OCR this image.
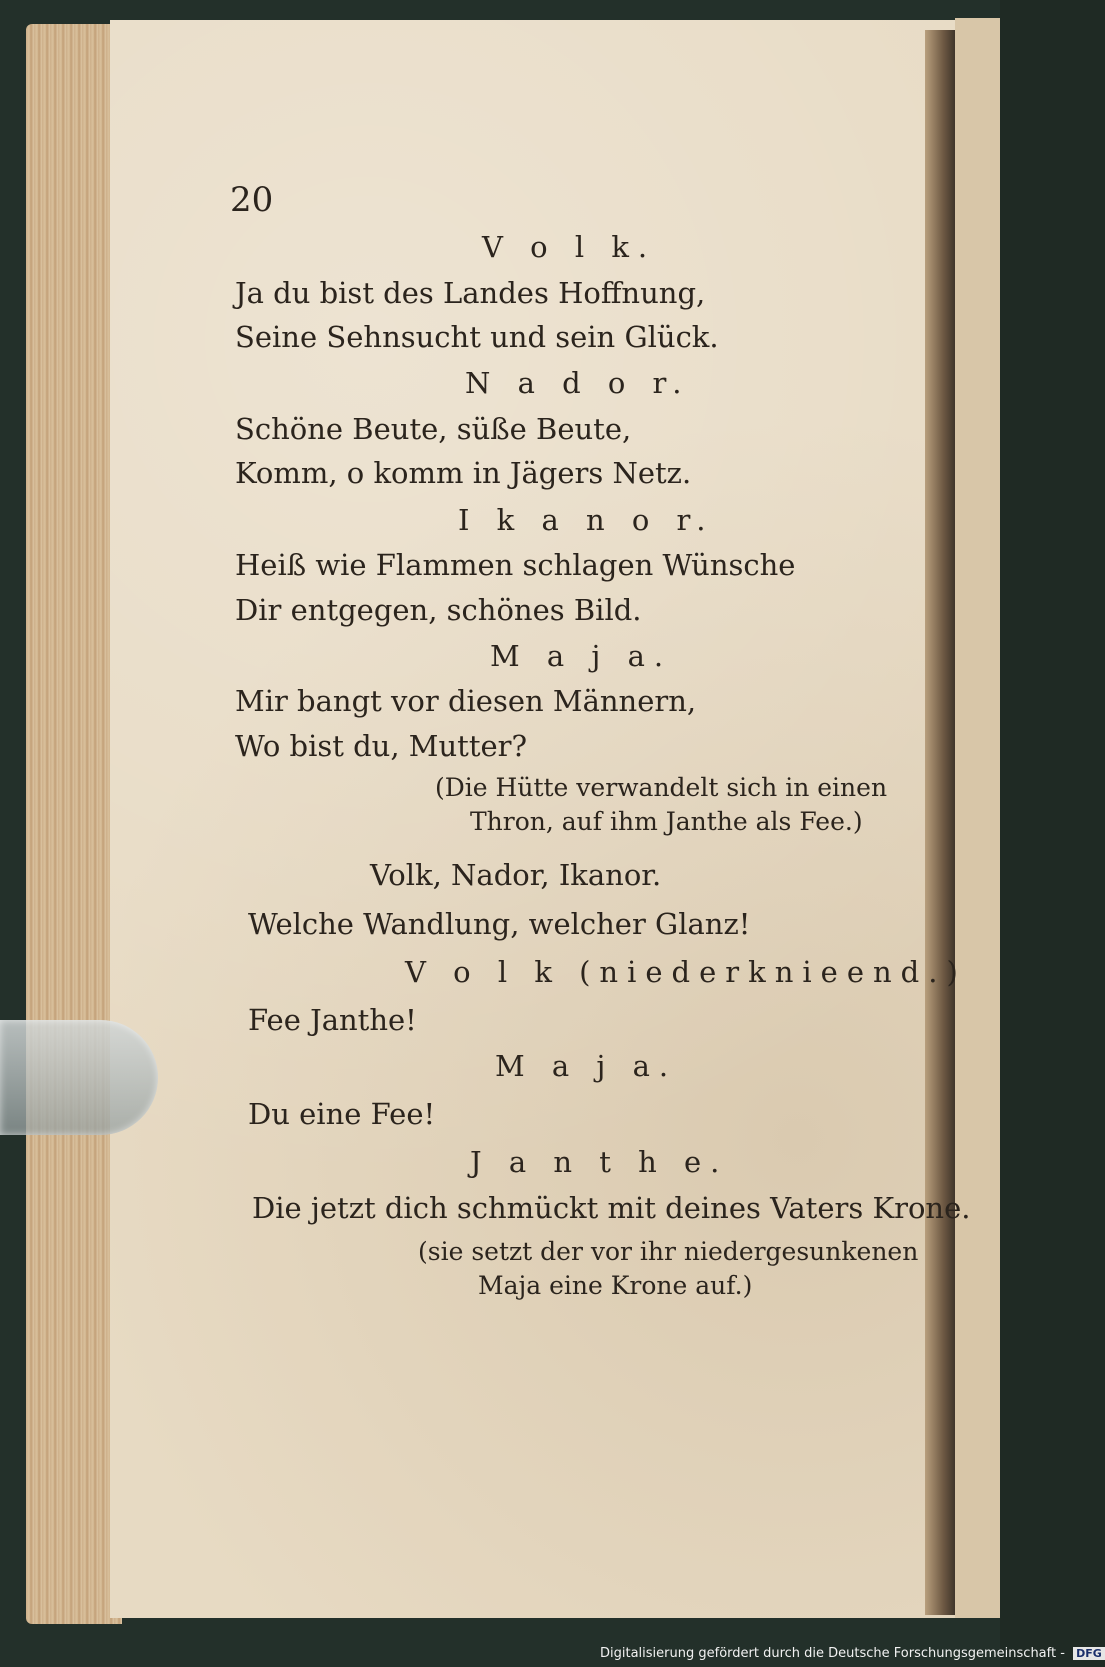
20
V o l k.
Ja du bist des Landes Hoffnung,
Seine Sehnsucht und sein Glück.
N a d o r.
Schöne Beute, süße Beute,
Komm, o komm in Jägers Netz.
I k a n o r.
Heiß wie Flammen schlagen Wünsche
Dir entgegen, schönes Bild.
M a j a.
Mir bangt vor diesen Männern,
Wo bist du, Mutter?
(Die Hütte verwandelt sich in einen
Thron, auf ihm Janthe als Fee.)
Volk, Nador, Ikanor.
Welche Wandlung, welcher Glanz!
V o l k (niederknieend.)
Fee Janthe!
M a j a.
Du eine Fee!
J a n t h e.
Die jetzt dich schmückt mit deines Vaters Krone.
(sie setzt der vor ihr niedergesunkenen
Maja eine Krone auf.)
Digitalisierung gefördert durch die Deutsche Forschungsgemeinschaft - DFG
